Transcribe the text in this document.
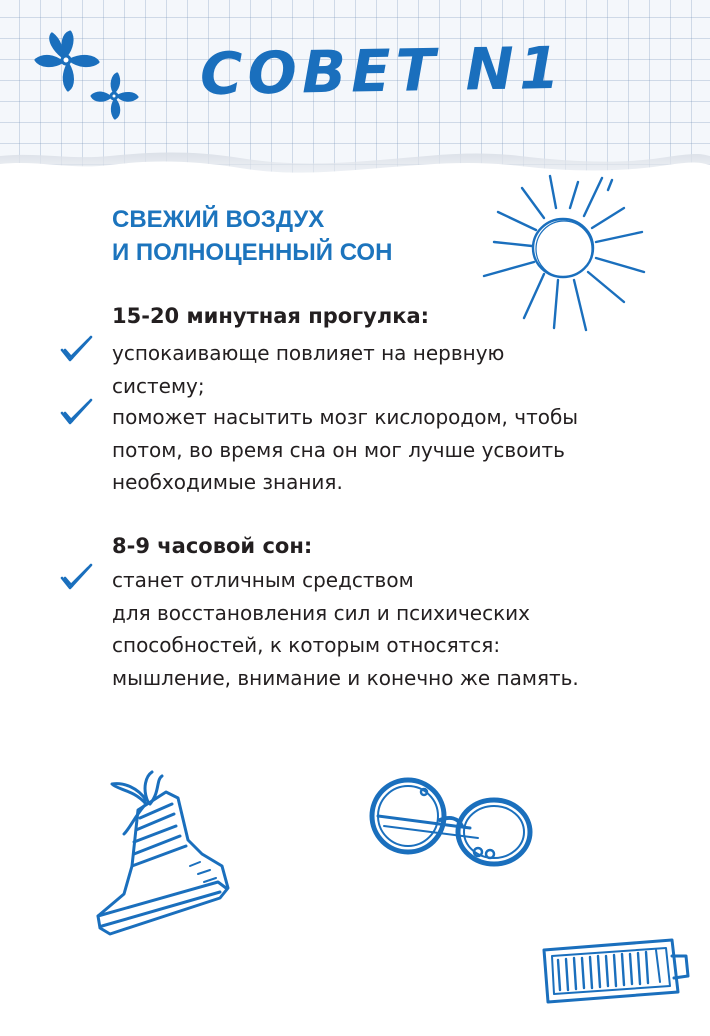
COBET N1
СВЕЖИЙ ВОЗДУХ
И ПОЛНОЦЕННЫЙ СОН
15-20 минутная прогулка:

успокаивающе повлияет на нервную
систему;

поможет насытить мозг кислородом, чтобы
потом, во время сна он мог лучше усвоить
необходимые знания.

8-9 часовой сон:

станет отличным средством
для восстановления сил и психических
способностей, к которым относятся:
мышление, внимание и конечно же память.
